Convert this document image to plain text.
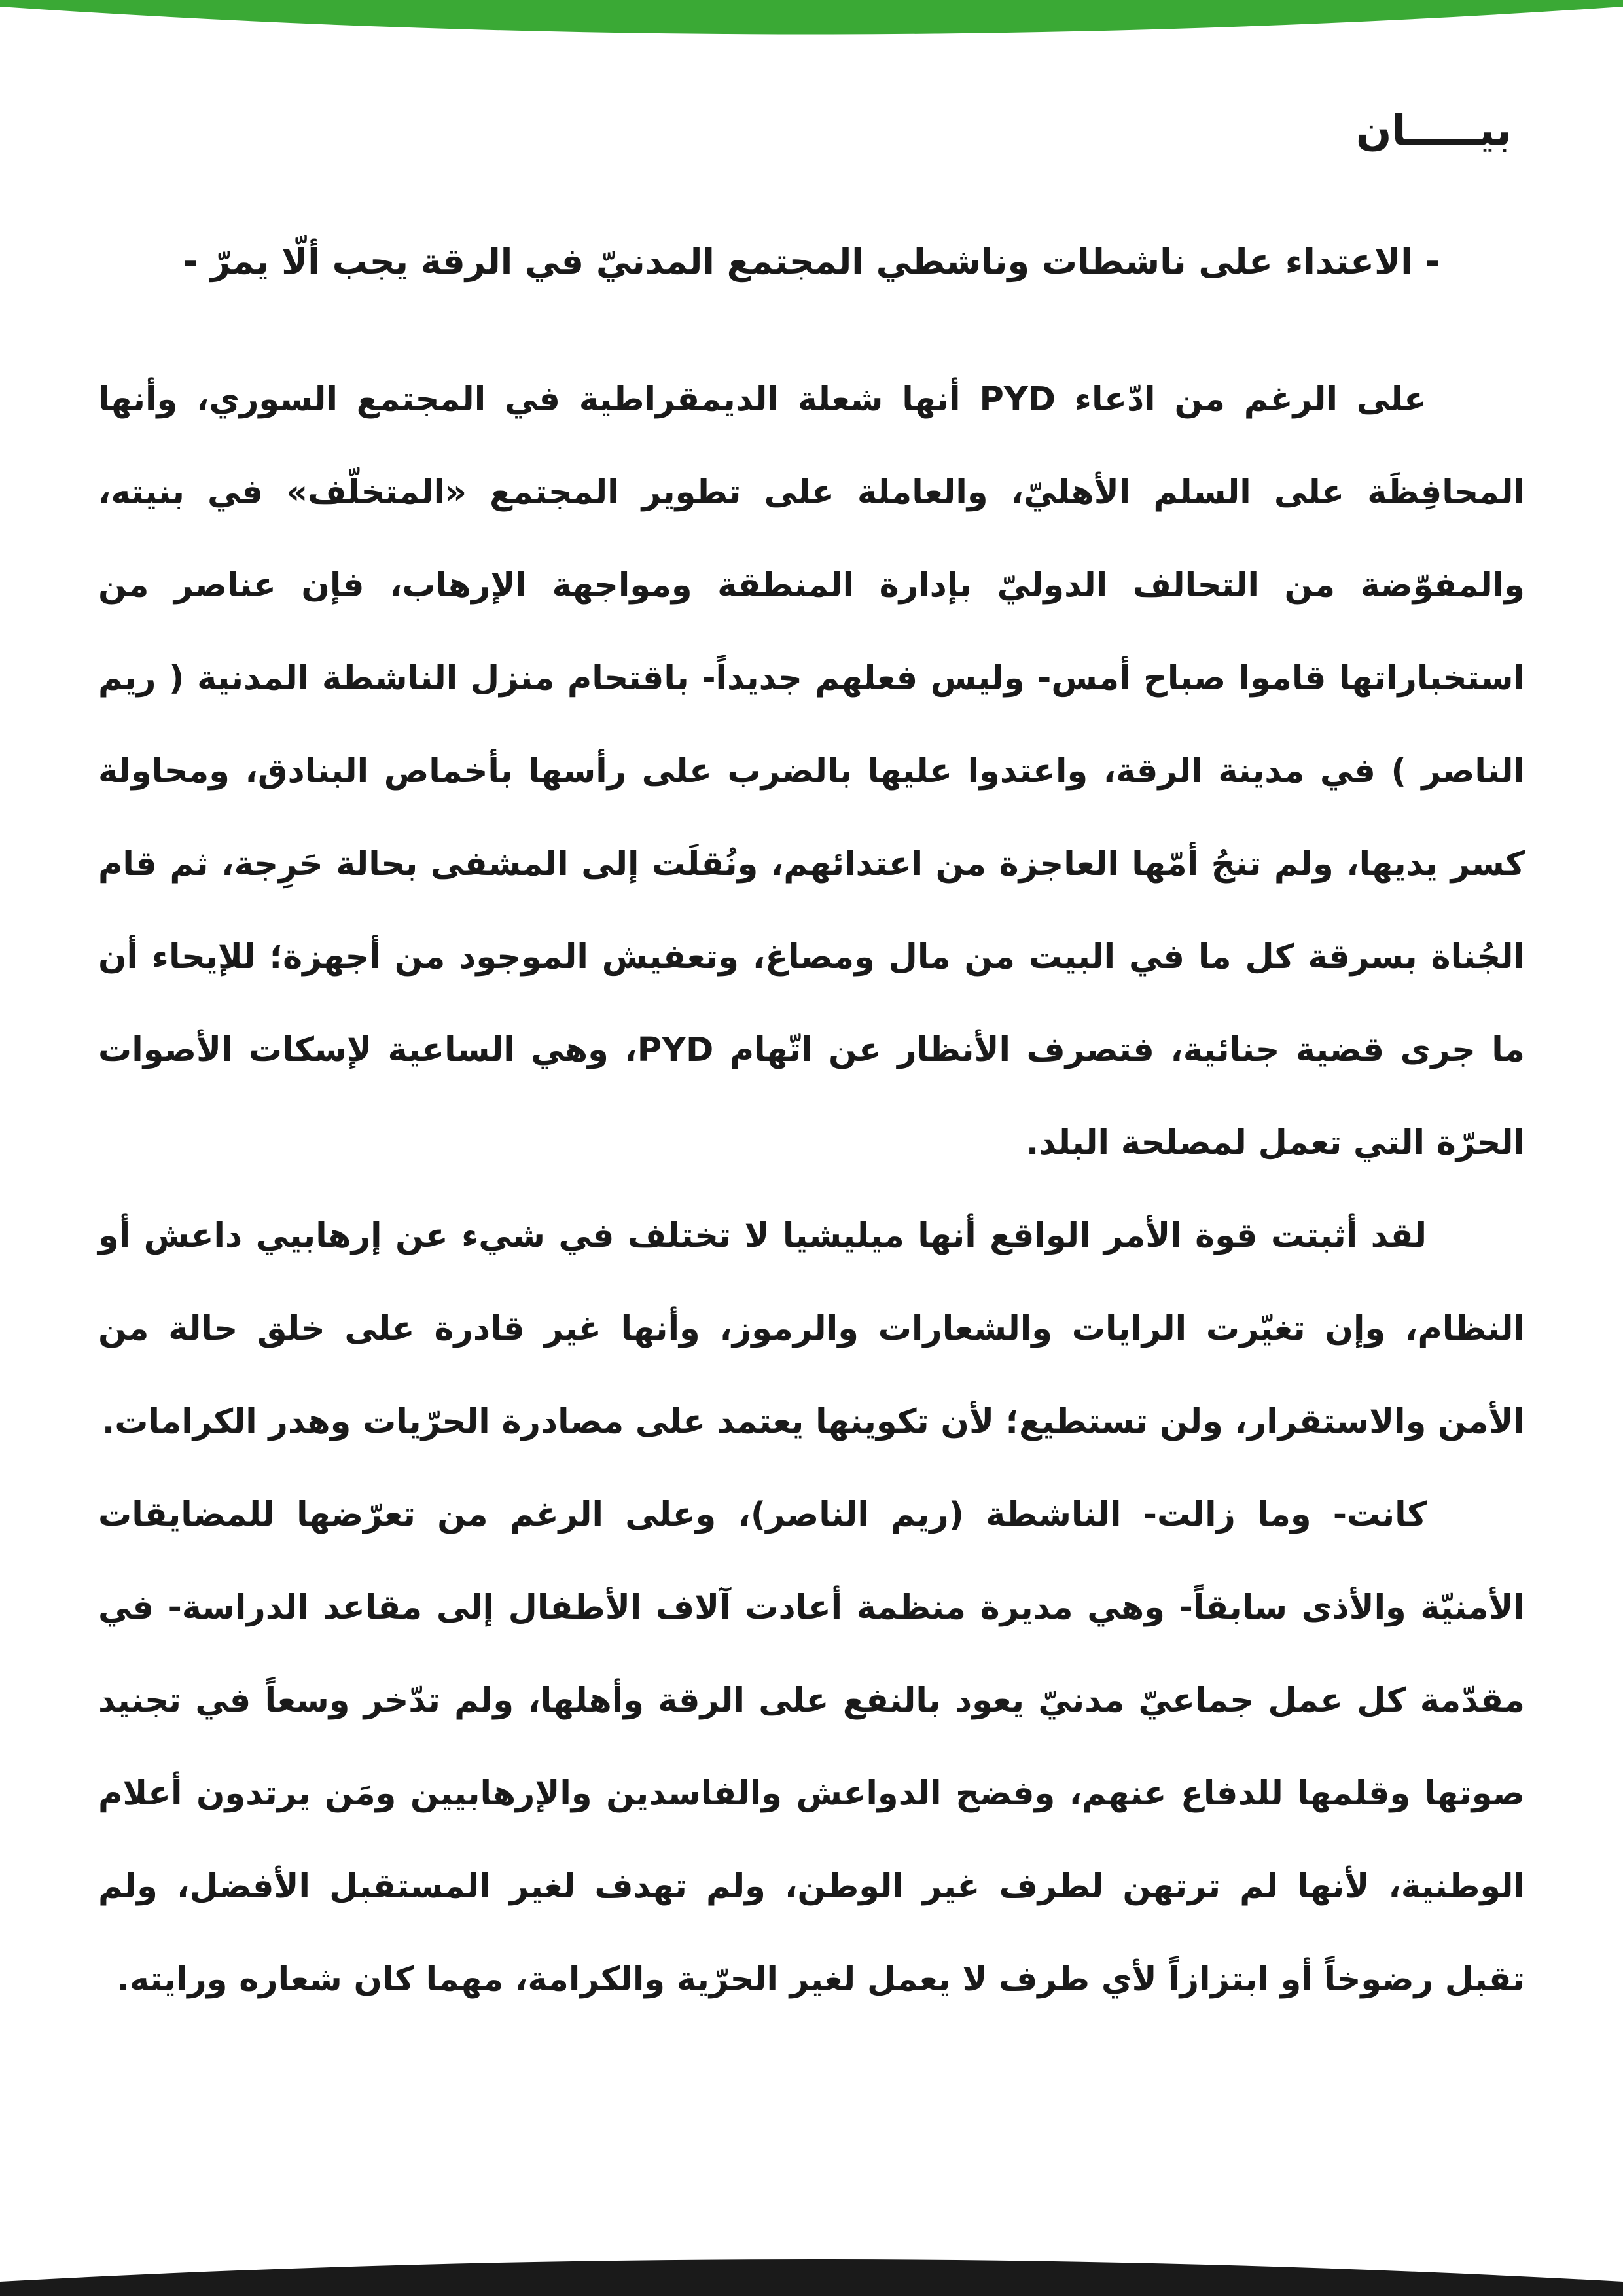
بيـــــان
- الاعتداء على ناشطات وناشطي المجتمع المدنيّ في الرقة يجب ألّا يمرّ -

على الرغم من ادّعاء PYD أنها شعلة الديمقراطية في المجتمع السوري، وأنها المحافِظَة على السلم الأهليّ، والعاملة على تطوير المجتمع «المتخلّف» في بنيته، والمفوّضة من التحالف الدوليّ بإدارة المنطقة ومواجهة الإرهاب، فإن عناصر من استخباراتها قاموا صباح أمس- وليس فعلهم جديداً- باقتحام منزل الناشطة المدنية ( ريم الناصر ) في مدينة الرقة، واعتدوا عليها بالضرب على رأسها بأخماص البنادق، ومحاولة كسر يديها، ولم تنجُ أمّها العاجزة من اعتدائهم، ونُقلَت إلى المشفى بحالة حَرِجة، ثم قام الجُناة بسرقة كل ما في البيت من مال ومصاغ، وتعفيش الموجود من أجهزة؛ للإيحاء أن ما جرى قضية جنائية، فتصرف الأنظار عن اتّهام PYD، وهي الساعية لإسكات الأصوات الحرّة التي تعمل لمصلحة البلد.

لقد أثبتت قوة الأمر الواقع أنها ميليشيا لا تختلف في شيء عن إرهابيي داعش أو النظام، وإن تغيّرت الرايات والشعارات والرموز، وأنها غير قادرة على خلق حالة من الأمن والاستقرار، ولن تستطيع؛ لأن تكوينها يعتمد على مصادرة الحرّيات وهدر الكرامات.

كانت- وما زالت- الناشطة (ريم الناصر)، وعلى الرغم من تعرّضها للمضايقات الأمنيّة والأذى سابقاً- وهي مديرة منظمة أعادت آلاف الأطفال إلى مقاعد الدراسة- في مقدّمة كل عمل جماعيّ مدنيّ يعود بالنفع على الرقة وأهلها، ولم تدّخر وسعاً في تجنيد صوتها وقلمها للدفاع عنهم، وفضح الدواعش والفاسدين والإرهابيين ومَن يرتدون أعلام الوطنية، لأنها لم ترتهن لطرف غير الوطن، ولم تهدف لغير المستقبل الأفضل، ولم تقبل رضوخاً أو ابتزازاً لأي طرف لا يعمل لغير الحرّية والكرامة، مهما كان شعاره ورايته.
